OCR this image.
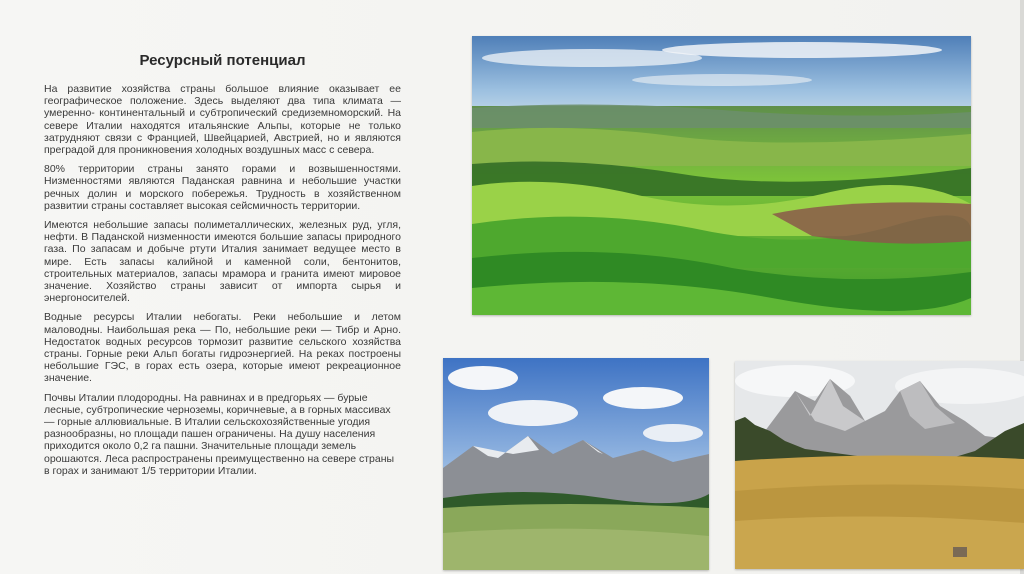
Ресурсный потенциал

На развитие хозяйства страны большое влияние оказывает ее географическое положение. Здесь выделяют два типа климата — умеренно- континентальный и субтропический средиземноморский. На севере Италии находятся итальянские Альпы, которые не только затрудняют связи с Францией, Швейцарией, Австрией, но и являются преградой для проникновения холодных воздушных масс с севера.

80% территории страны занято горами и возвышенностями. Низменностями являются Паданская равнина и небольшие участки речных долин и морского побережья. Трудность в хозяйственном развитии страны составляет высокая сейсмичность территории.

Имеются небольшие запасы полиметаллических, железных руд, угля, нефти. В Паданской низменности имеются большие запасы природного газа. По запасам и добыче ртути Италия занимает ведущее место в мире. Есть запасы калийной и каменной соли, бентонитов, строительных материалов, запасы мрамора и гранита имеют мировое значение. Хозяйство страны зависит от импорта сырья и энергоносителей.

Водные ресурсы Италии небогаты. Реки небольшие и летом маловодны. Наибольшая река — По, небольшие реки — Тибр и Арно. Недостаток водных ресурсов тормозит развитие сельского хозяйства страны. Горные реки Альп богаты гидроэнергией. На реках построены небольшие ГЭС, в горах есть озера, которые имеют рекреационное значение.

Почвы Италии плодородны. На равнинах и в предгорьях — бурые лесные, субтропические черноземы, коричневые, а в горных массивах — горные аллювиальные. В Италии сельскохозяйственные угодия разнообразны, но площади пашен ограничены. На душу населения приходится около 0,2 га пашни. Значительные площади земель орошаются. Леса распространены преимущественно на севере страны в горах и занимают 1/5 территории Италии.
